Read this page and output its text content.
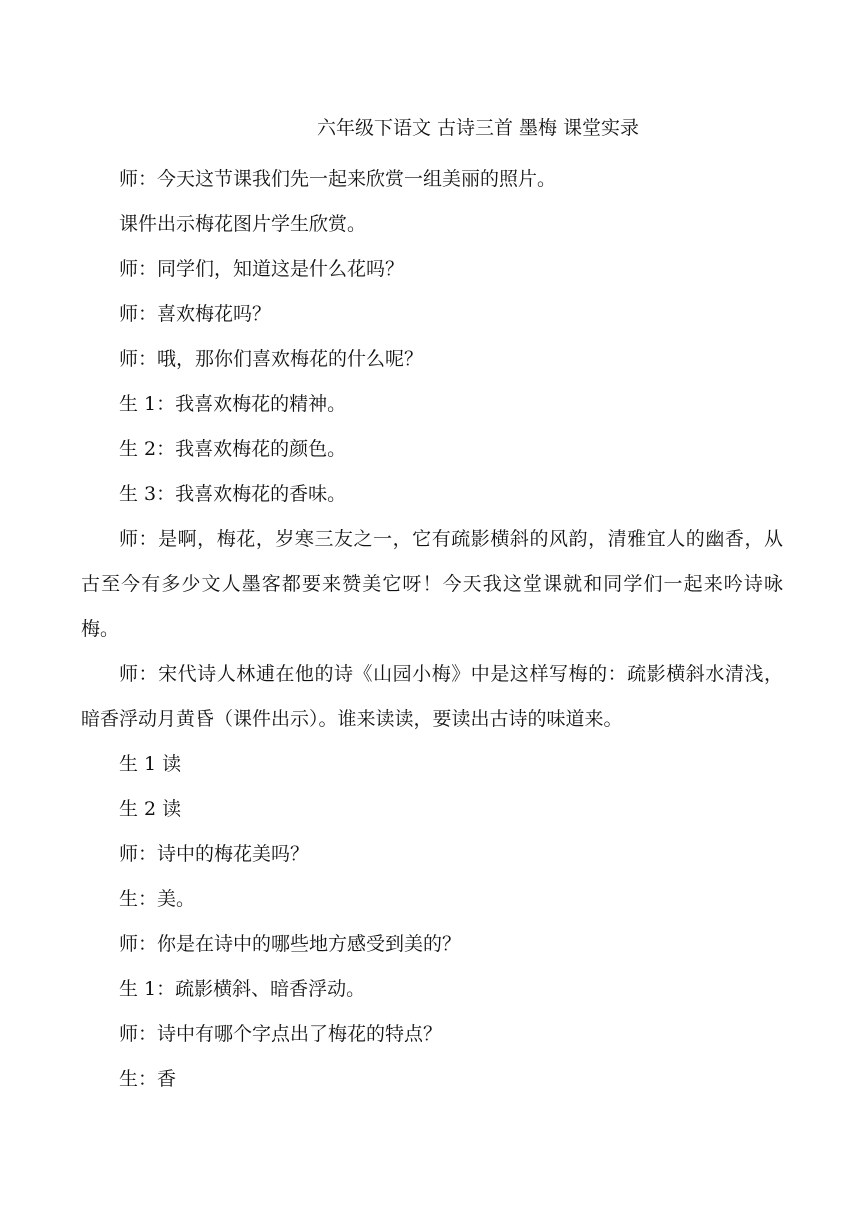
六年级下语文 古诗三首 墨梅 课堂实录

师：今天这节课我们先一起来欣赏一组美丽的照片。

课件出示梅花图片学生欣赏。

师：同学们，知道这是什么花吗？

师：喜欢梅花吗？

师：哦，那你们喜欢梅花的什么呢？

生 1：我喜欢梅花的精神。

生 2：我喜欢梅花的颜色。

生 3：我喜欢梅花的香味。

师：是啊，梅花，岁寒三友之一，它有疏影横斜的风韵，清雅宜人的幽香，从古至今有多少文人墨客都要来赞美它呀！今天我这堂课就和同学们一起来吟诗咏梅。

师：宋代诗人林逋在他的诗《山园小梅》中是这样写梅的：疏影横斜水清浅，暗香浮动月黄昏（课件出示）。谁来读读，要读出古诗的味道来。

生 1 读

生 2 读

师：诗中的梅花美吗？

生：美。

师：你是在诗中的哪些地方感受到美的？

生 1：疏影横斜、暗香浮动。

师：诗中有哪个字点出了梅花的特点？

生：香
